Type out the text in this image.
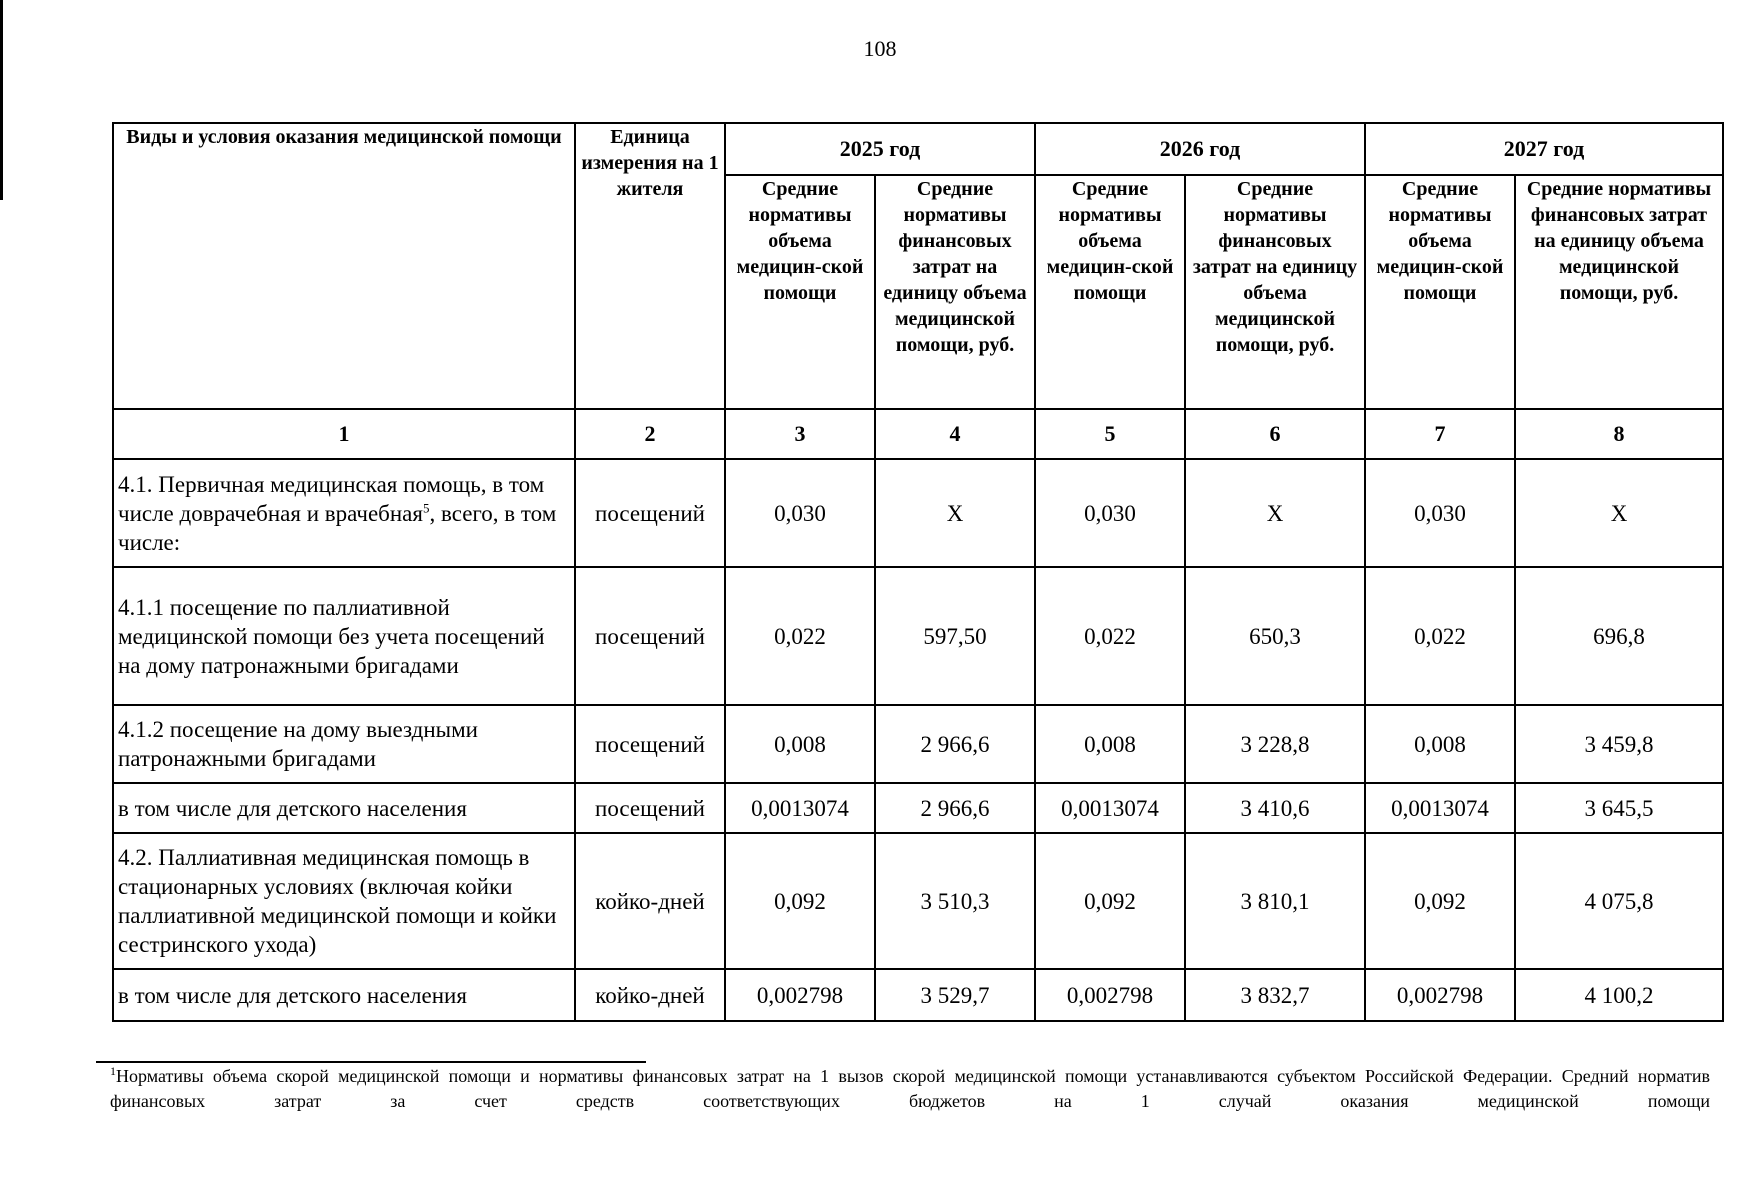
108
Виды и условия оказания медицинской помощи	Единица измерения на 1 жителя	2025 год		2026 год		2027 год	
		Средние нормативы объема медицин-ской помощи	Средние нормативы финансовых затрат на единицу объема медицинской помощи, руб.	Средние нормативы объема медицин-ской помощи	Средние нормативы финансовых затрат на единицу объема медицинской помощи, руб.	Средние нормативы объема медицин-ской помощи	Средние нормативы финансовых затрат на единицу объема медицинской помощи, руб.
1	2	3	4	5	6	7	8
4.1. Первичная медицинская помощь, в том числе доврачебная и врачебная$^5$, всего, в том числе:	посещений	0,030	Х	0,030	Х	0,030	Х
4.1.1 посещение по паллиативной медицинской помощи без учета посещений на дому патронажными бригадами	посещений	0,022	597,50	0,022	650,3	0,022	696,8
4.1.2 посещение на дому выездными патронажными бригадами	посещений	0,008	2 966,6	0,008	3 228,8	0,008	3 459,8
в том числе для детского населения	посещений	0,0013074	2 966,6	0,0013074	3 410,6	0,0013074	3 645,5
4.2. Паллиативная медицинская помощь в стационарных условиях (включая койки паллиативной медицинской помощи и койки сестринского ухода)	койко-дней	0,092	3 510,3	0,092	3 810,1	0,092	4 075,8
в том числе для детского населения	койко-дней	0,002798	3 529,7	0,002798	3 832,7	0,002798	4 100,2
$^1$Нормативы объема скорой медицинской помощи и нормативы финансовых затрат на 1 вызов скорой медицинской помощи устанавливаются субъектом Российской Федерации. Средний норматив финансовых затрат за счет средств соответствующих бюджетов на 1 случай оказания медицинской помощи
